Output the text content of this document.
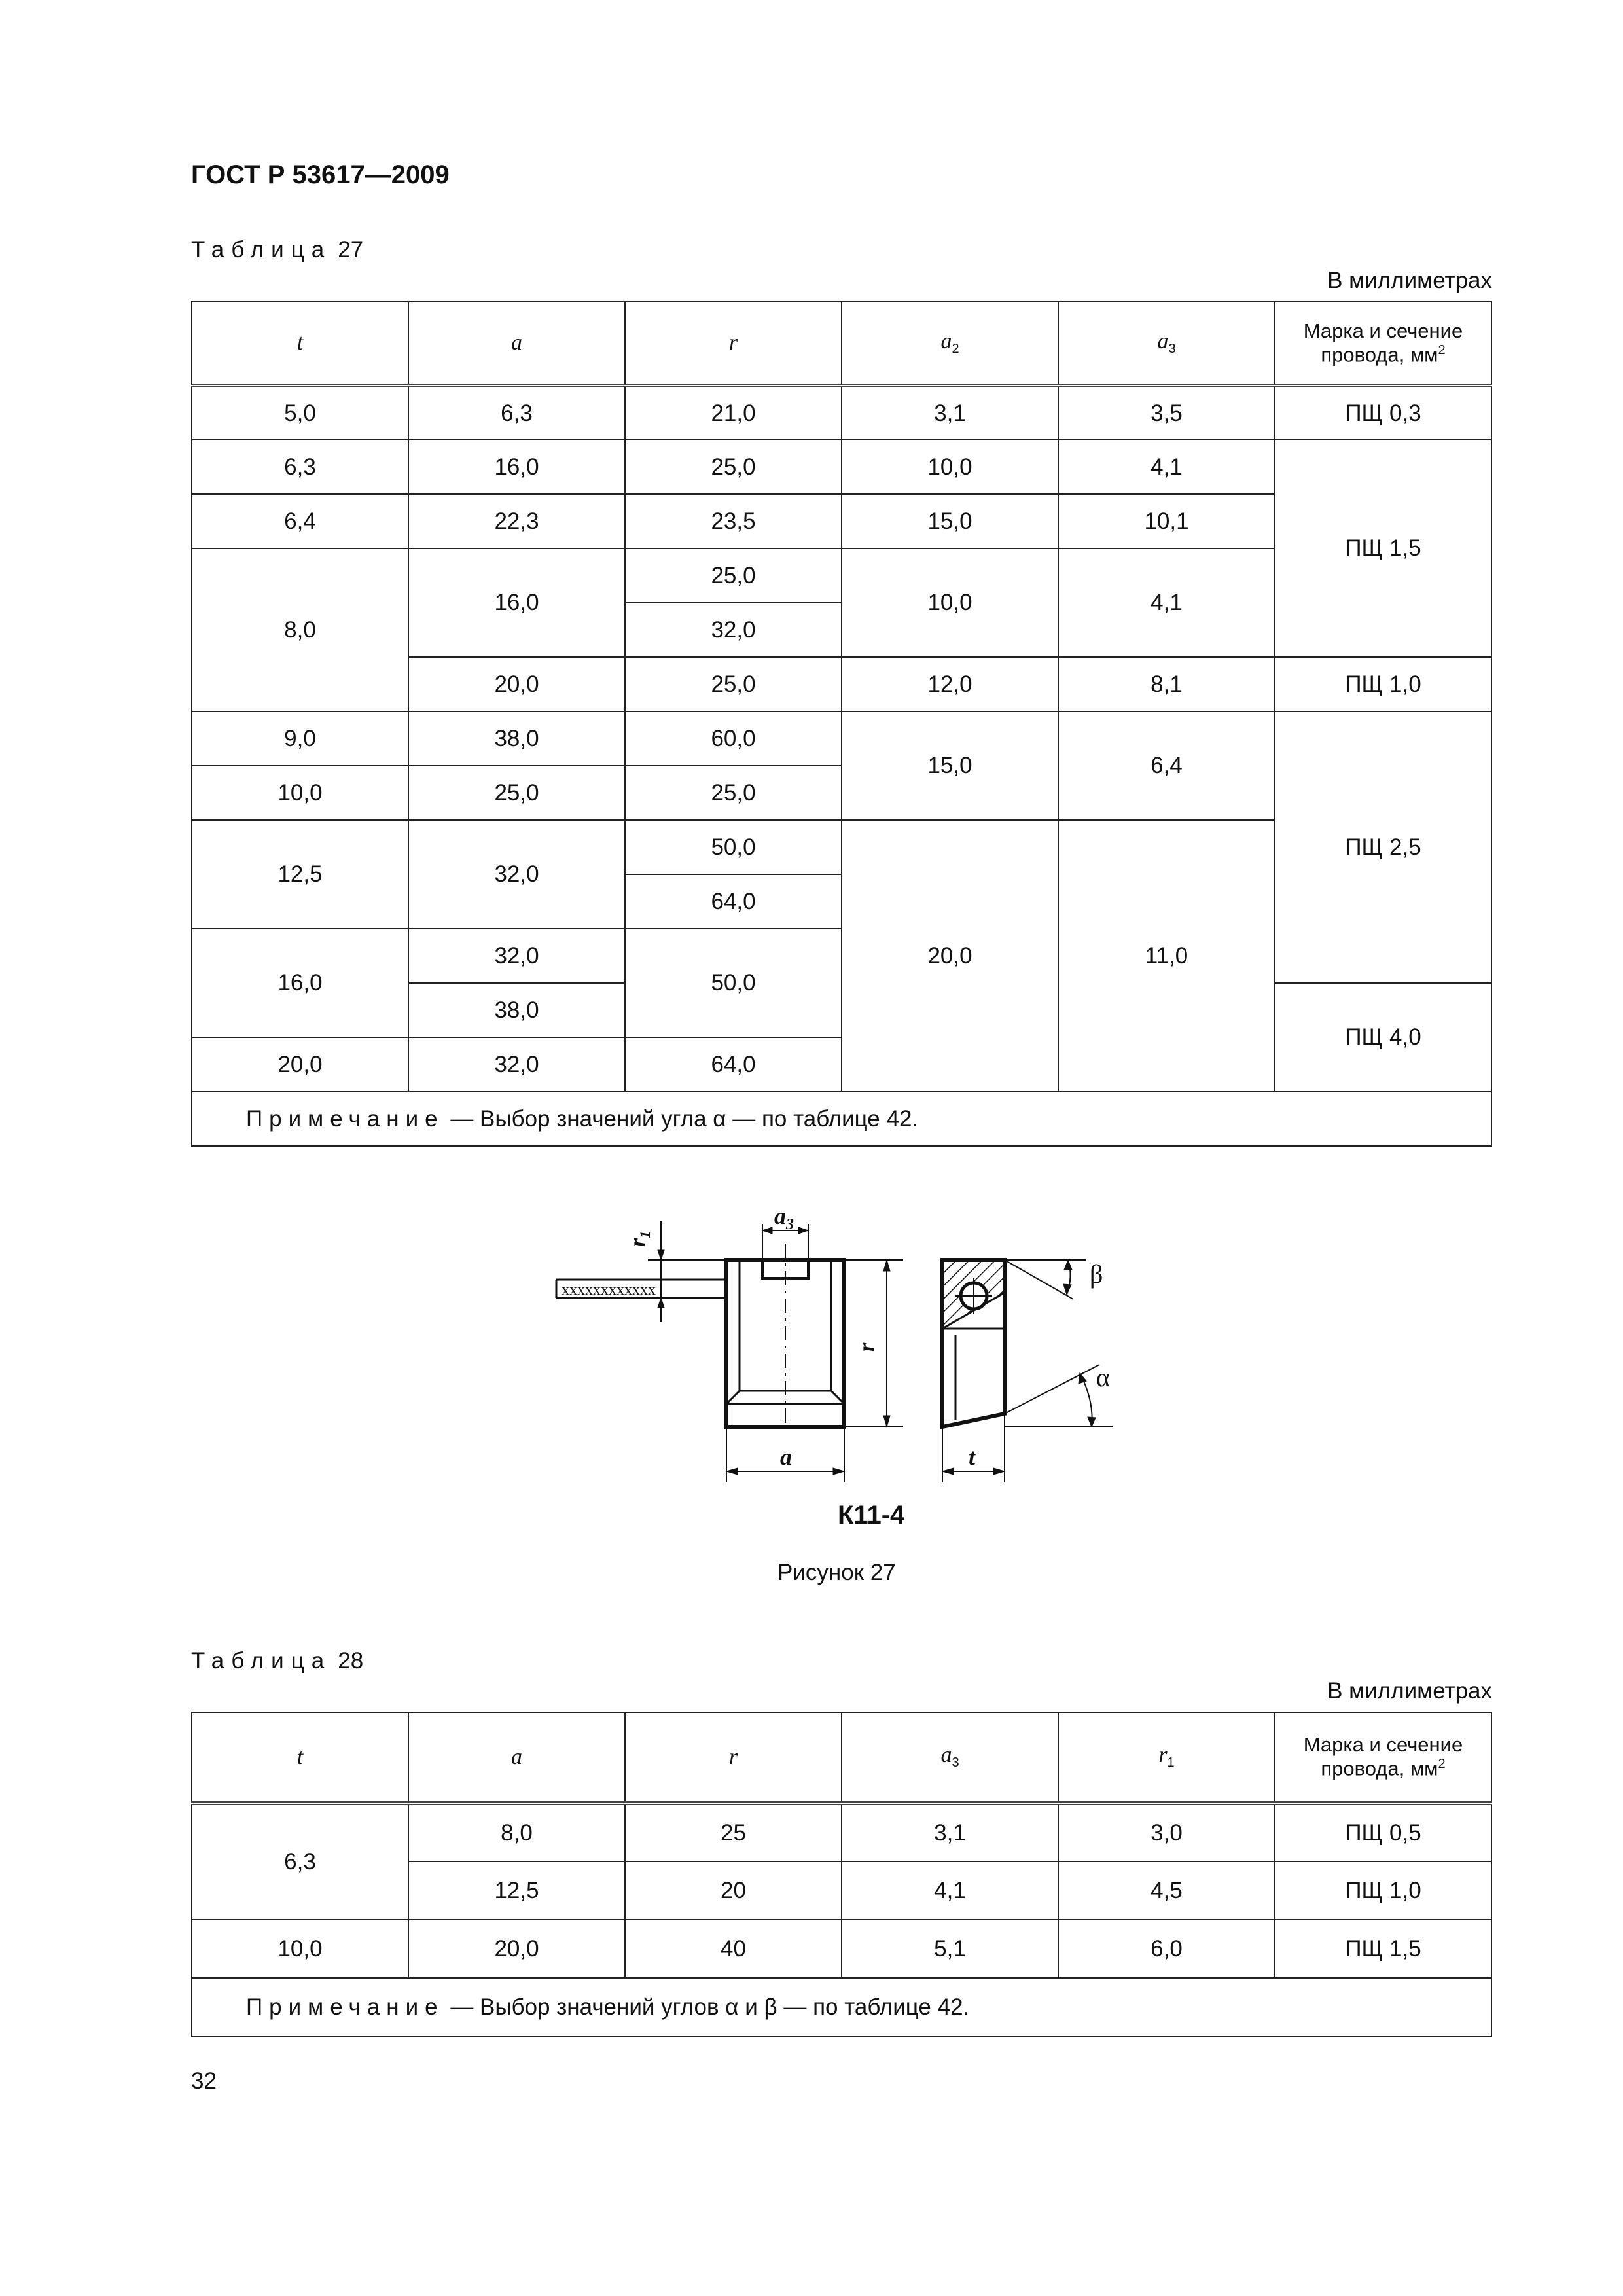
ГОСТ Р 53617—2009
Таблица 27
В миллиметрах
t	a	r	$a_2$	$a_3$	Марка и сечение провода, $мм^2$
5,0	6,3	21,0	3,1	3,5	ПЩ 0,3
6,3	16,0	25,0	10,0	4,1	ПЩ 1,5
6,4	22,3	23,5	15,0	10,1	
8,0	16,0	25,0	10,0	4,1	
		32,0			
	20,0	25,0	12,0	8,1	ПЩ 1,0
9,0	38,0	60,0	15,0	6,4	ПЩ 2,5
10,0	25,0	25,0			
12,5	32,0	50,0	20,0	11,0	
		64,0			
16,0	32,0	50,0			
	38,0				ПЩ 4,0
20,0	32,0	64,0			
Примечание — Выбор значений угла α — по таблице 42.					
xxxxxxxxxxxx
$a_3$
$r_1$
r
a	t
β
α
К11-4
Рисунок 27
Таблица 28
В миллиметрах
t	a	r	$a_3$	$r_1$	Марка и сечение провода, $мм^2$
6,3	8,0	25	3,1	3,0	ПЩ 0,5
	12,5	20	4,1	4,5	ПЩ 1,0
10,0	20,0	40	5,1	6,0	ПЩ 1,5
Примечание — Выбор значений углов α и β — по таблице 42.					
32
